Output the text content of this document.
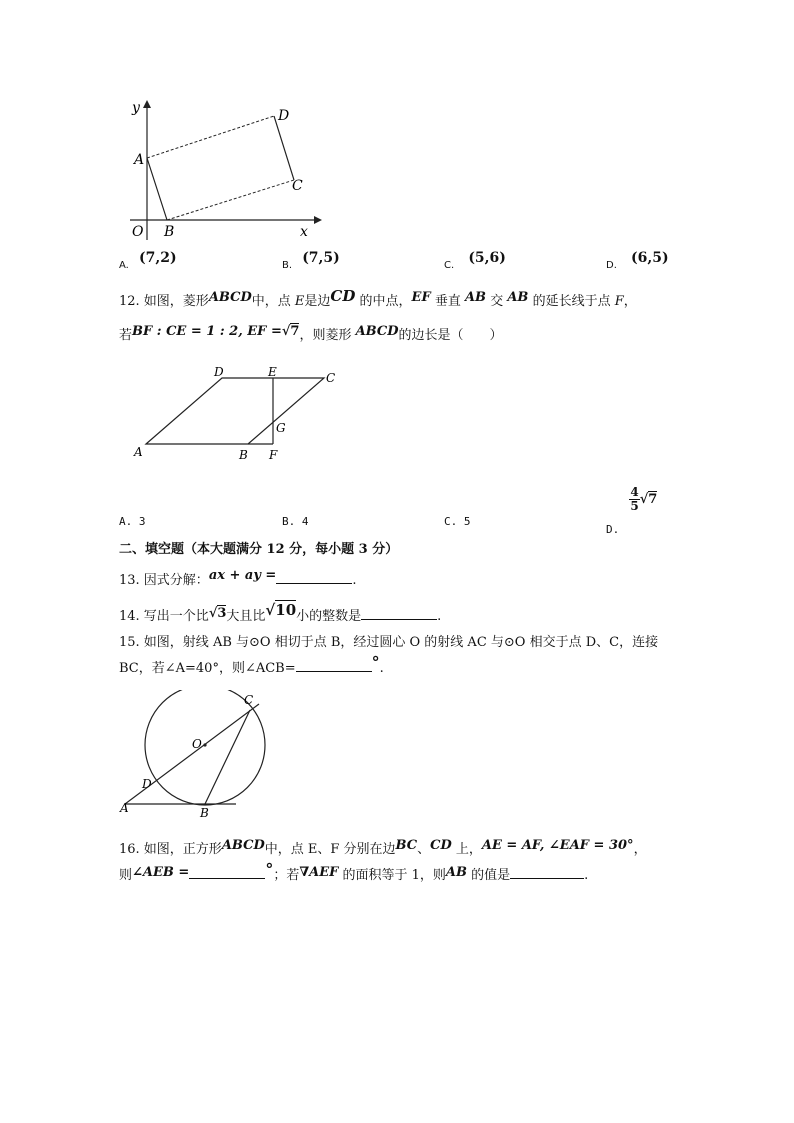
y
A
D
C
O B	x
A. (7,2)	B. (7,5)	C. (5,6)	D. (6,5)
12. 如图，菱形ABCD中，点 E是边CD 的中点，EF 垂直 AB 交 AB 的延长线于点 F，
若BF : CE = 1 : 2, EF =√7，则菱形 ABCD的边长是（　　）
D	E	C
G
A	B F
A. 3	B. 4	C. 5
$_{D.}$
$\frac{4}{5} √7$
二、填空题（本大题满分 12 分，每小题 3 分）
13. 因式分解：ax + ay =	.
14. 写出一个比√3大且比√10小的整数是	.
15. 如图，射线 AB 与⊙O 相切于点 B，经过圆心 O 的射线 AC 与⊙O 相交于点 D、C，连接
BC，若∠A=40°，则∠ACB=	°.
C
O
D
A	B
16. 如图，正方形ABCD中，点 E、F 分别在边BC、CD 上，AE = AF, ∠EAF = 30°，
则∠AEB =	°；若∇AEF 的面积等于 1，则AB 的值是	.
